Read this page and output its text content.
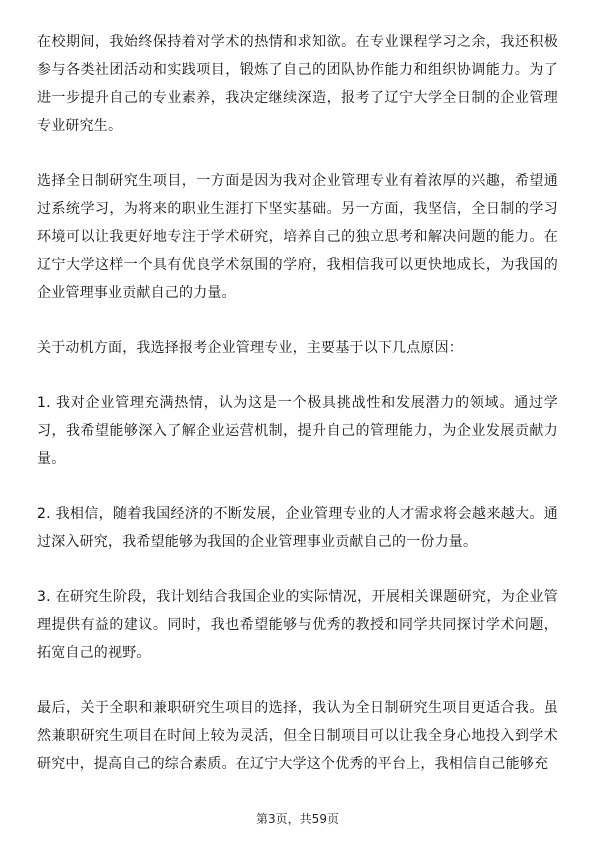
在校期间，我始终保持着对学术的热情和求知欲。在专业课程学习之余，我还积极参与各类社团活动和实践项目，锻炼了自己的团队协作能力和组织协调能力。为了进一步提升自己的专业素养，我决定继续深造，报考了辽宁大学全日制的企业管理专业研究生。

选择全日制研究生项目，一方面是因为我对企业管理专业有着浓厚的兴趣，希望通过系统学习，为将来的职业生涯打下坚实基础。另一方面，我坚信，全日制的学习环境可以让我更好地专注于学术研究，培养自己的独立思考和解决问题的能力。在辽宁大学这样一个具有优良学术氛围的学府，我相信我可以更快地成长，为我国的企业管理事业贡献自己的力量。

关于动机方面，我选择报考企业管理专业，主要基于以下几点原因：

1. 我对企业管理充满热情，认为这是一个极具挑战性和发展潜力的领域。通过学习，我希望能够深入了解企业运营机制，提升自己的管理能力，为企业发展贡献力量。

2. 我相信，随着我国经济的不断发展，企业管理专业的人才需求将会越来越大。通过深入研究，我希望能够为我国的企业管理事业贡献自己的一份力量。

3. 在研究生阶段，我计划结合我国企业的实际情况，开展相关课题研究，为企业管理提供有益的建议。同时，我也希望能够与优秀的教授和同学共同探讨学术问题，拓宽自己的视野。

最后，关于全职和兼职研究生项目的选择，我认为全日制研究生项目更适合我。虽然兼职研究生项目在时间上较为灵活，但全日制项目可以让我全身心地投入到学术研究中，提高自己的综合素质。在辽宁大学这个优秀的平台上，我相信自己能够充

第3页，共59页
